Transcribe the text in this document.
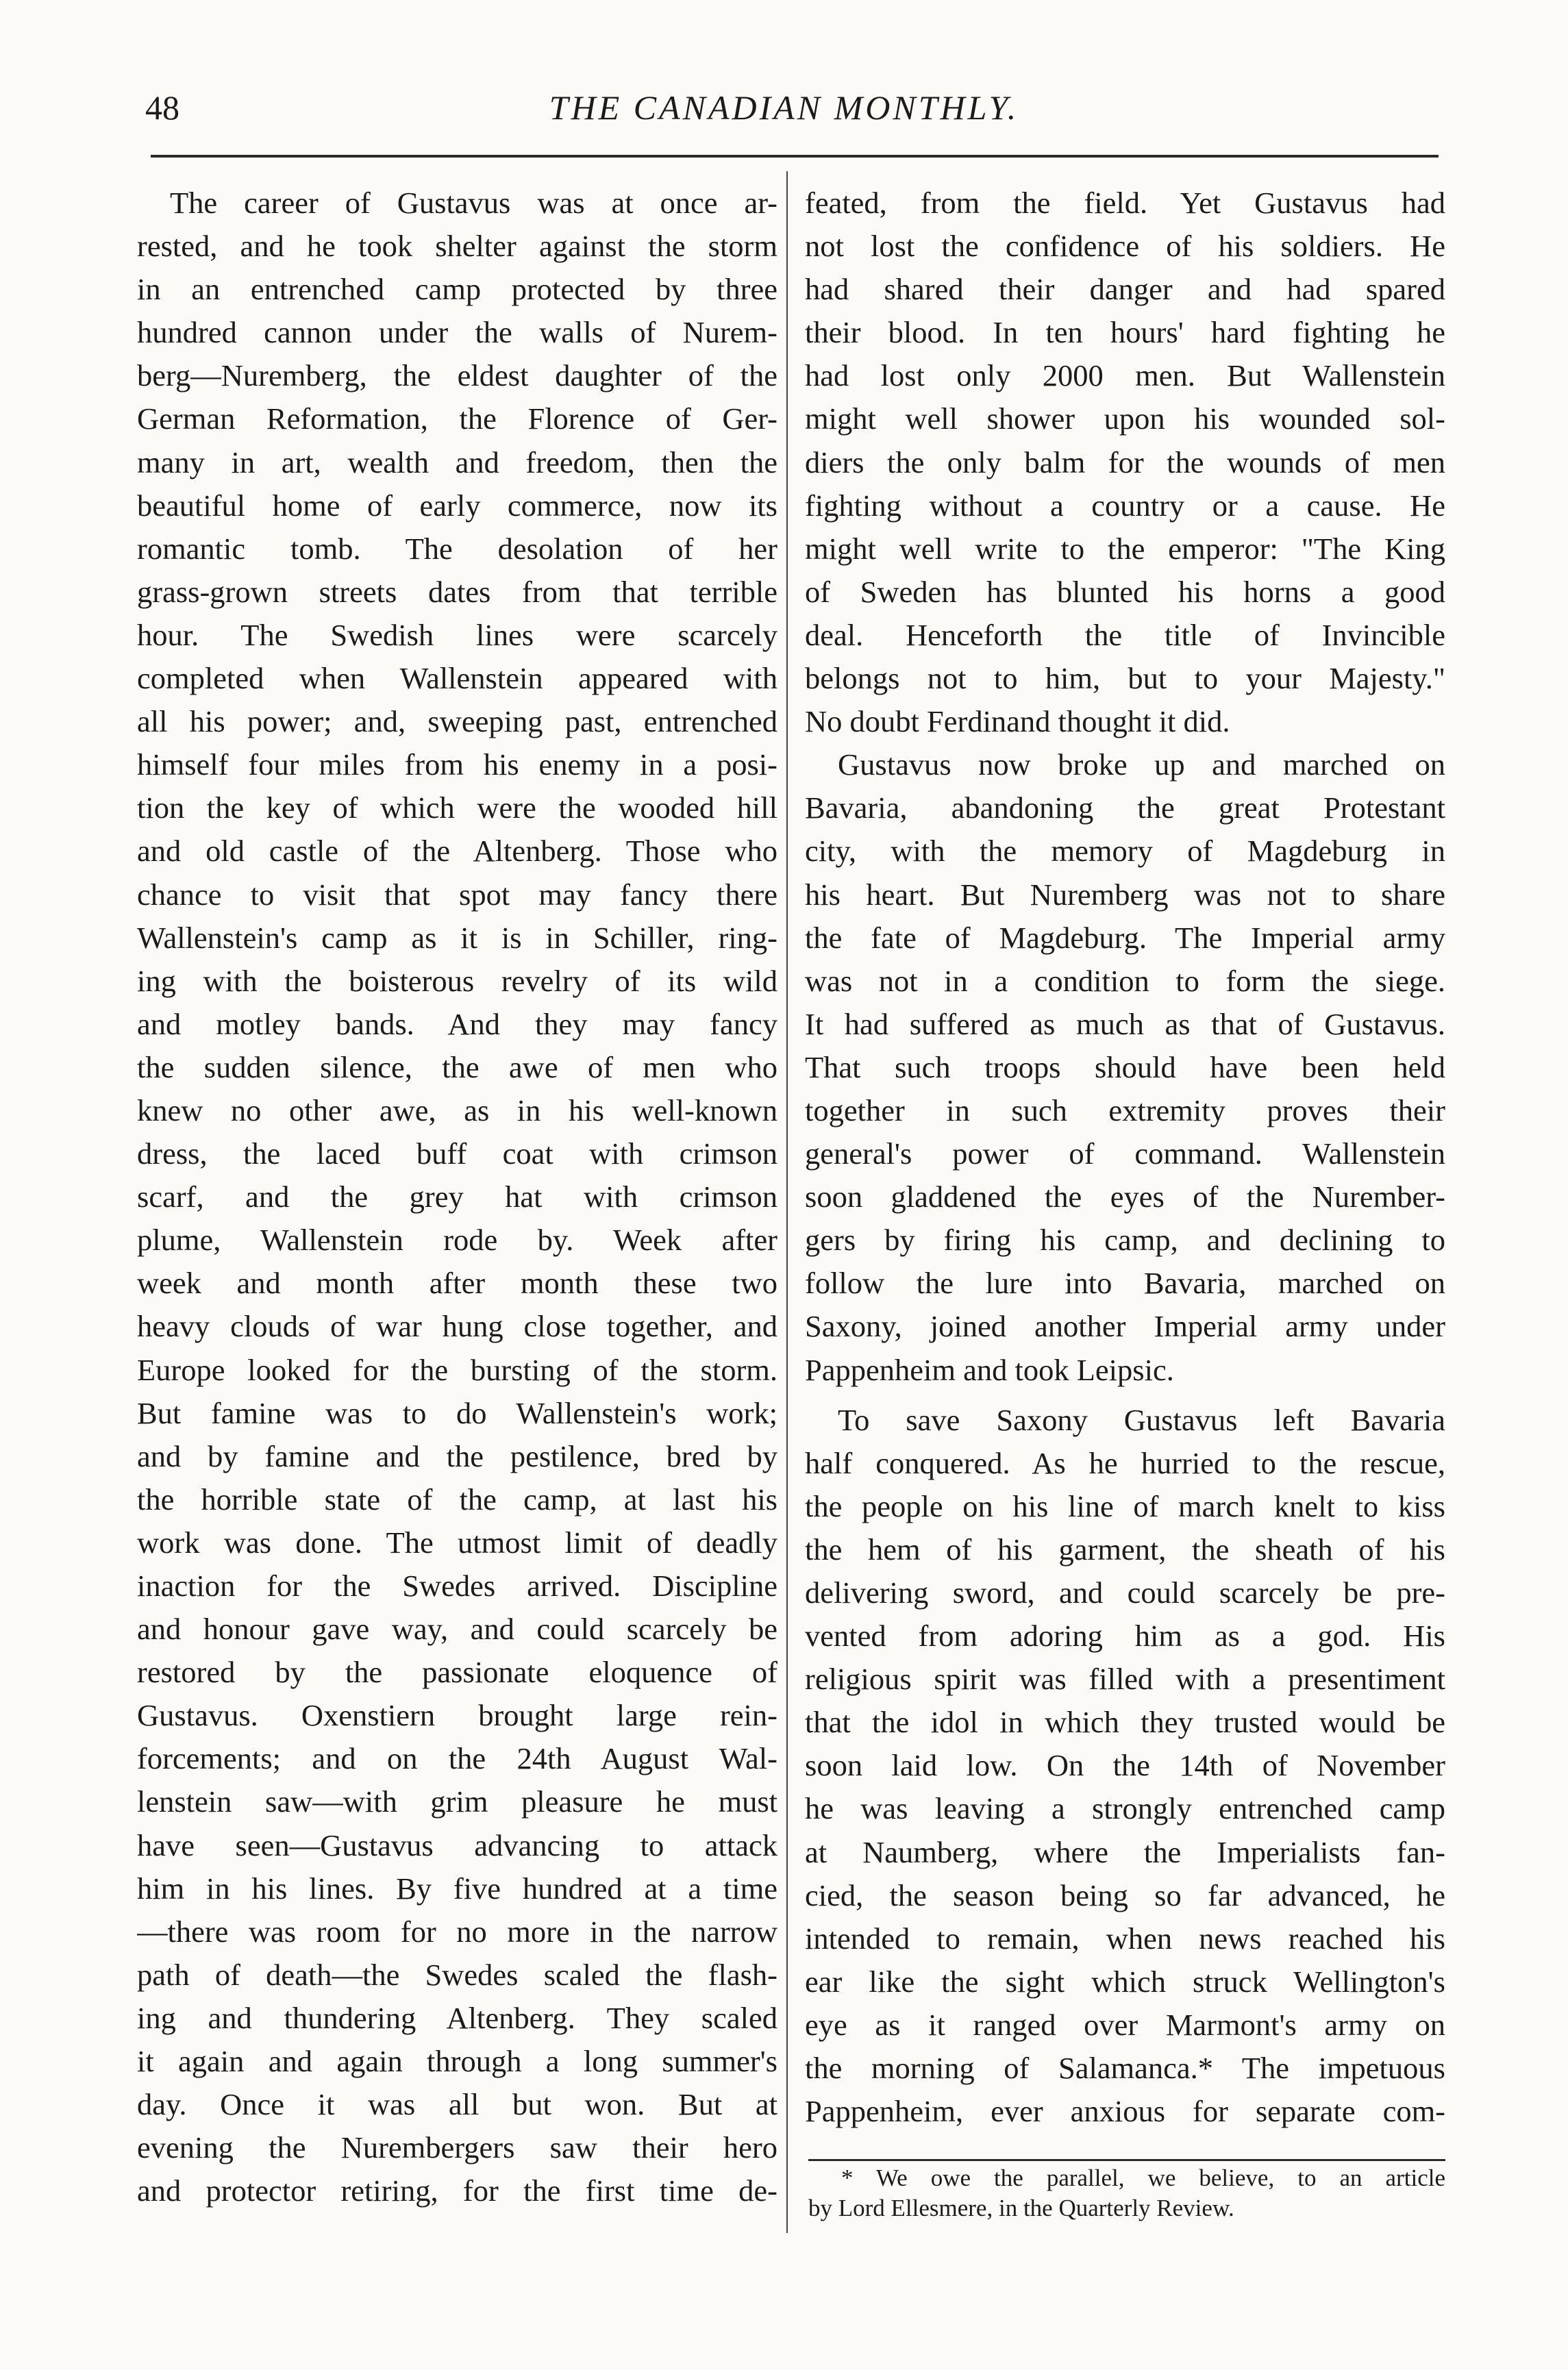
48	THE CANADIAN MONTHLY.
The career of Gustavus was at once ar-
rested, and he took shelter against the storm
in an entrenched camp protected by three
hundred cannon under the walls of Nurem-
berg—Nuremberg, the eldest daughter of the
German Reformation, the Florence of Ger-
many in art, wealth and freedom, then the
beautiful home of early commerce, now its
romantic tomb. The desolation of her
grass-grown streets dates from that terrible
hour. The Swedish lines were scarcely
completed when Wallenstein appeared with
all his power; and, sweeping past, entrenched
himself four miles from his enemy in a posi-
tion the key of which were the wooded hill
and old castle of the Altenberg. Those who
chance to visit that spot may fancy there
Wallenstein's camp as it is in Schiller, ring-
ing with the boisterous revelry of its wild
and motley bands. And they may fancy
the sudden silence, the awe of men who
knew no other awe, as in his well-known
dress, the laced buff coat with crimson
scarf, and the grey hat with crimson
plume, Wallenstein rode by. Week after
week and month after month these two
heavy clouds of war hung close together, and
Europe looked for the bursting of the storm.
But famine was to do Wallenstein's work;
and by famine and the pestilence, bred by
the horrible state of the camp, at last his
work was done. The utmost limit of deadly
inaction for the Swedes arrived. Discipline
and honour gave way, and could scarcely be
restored by the passionate eloquence of
Gustavus. Oxenstiern brought large rein-
forcements; and on the 24th August Wal-
lenstein saw—with grim pleasure he must
have seen—Gustavus advancing to attack
him in his lines. By five hundred at a time
—there was room for no more in the narrow
path of death—the Swedes scaled the flash-
ing and thundering Altenberg. They scaled
it again and again through a long summer's
day. Once it was all but won. But at
evening the Nurembergers saw their hero
and protector retiring, for the first time de-
feated, from the field. Yet Gustavus had
not lost the confidence of his soldiers. He
had shared their danger and had spared
their blood. In ten hours' hard fighting he
had lost only 2000 men. But Wallenstein
might well shower upon his wounded sol-
diers the only balm for the wounds of men
fighting without a country or a cause. He
might well write to the emperor: "The King
of Sweden has blunted his horns a good
deal. Henceforth the title of Invincible
belongs not to him, but to your Majesty."
No doubt Ferdinand thought it did.
Gustavus now broke up and marched on
Bavaria, abandoning the great Protestant
city, with the memory of Magdeburg in
his heart. But Nuremberg was not to share
the fate of Magdeburg. The Imperial army
was not in a condition to form the siege.
It had suffered as much as that of Gustavus.
That such troops should have been held
together in such extremity proves their
general's power of command. Wallenstein
soon gladdened the eyes of the Nurember-
gers by firing his camp, and declining to
follow the lure into Bavaria, marched on
Saxony, joined another Imperial army under
Pappenheim and took Leipsic.
To save Saxony Gustavus left Bavaria
half conquered. As he hurried to the rescue,
the people on his line of march knelt to kiss
the hem of his garment, the sheath of his
delivering sword, and could scarcely be pre-
vented from adoring him as a god. His
religious spirit was filled with a presentiment
that the idol in which they trusted would be
soon laid low. On the 14th of November
he was leaving a strongly entrenched camp
at Naumberg, where the Imperialists fan-
cied, the season being so far advanced, he
intended to remain, when news reached his
ear like the sight which struck Wellington's
eye as it ranged over Marmont's army on
the morning of Salamanca.* The impetuous
Pappenheim, ever anxious for separate com-
* We owe the parallel, we believe, to an article
by Lord Ellesmere, in the Quarterly Review.
